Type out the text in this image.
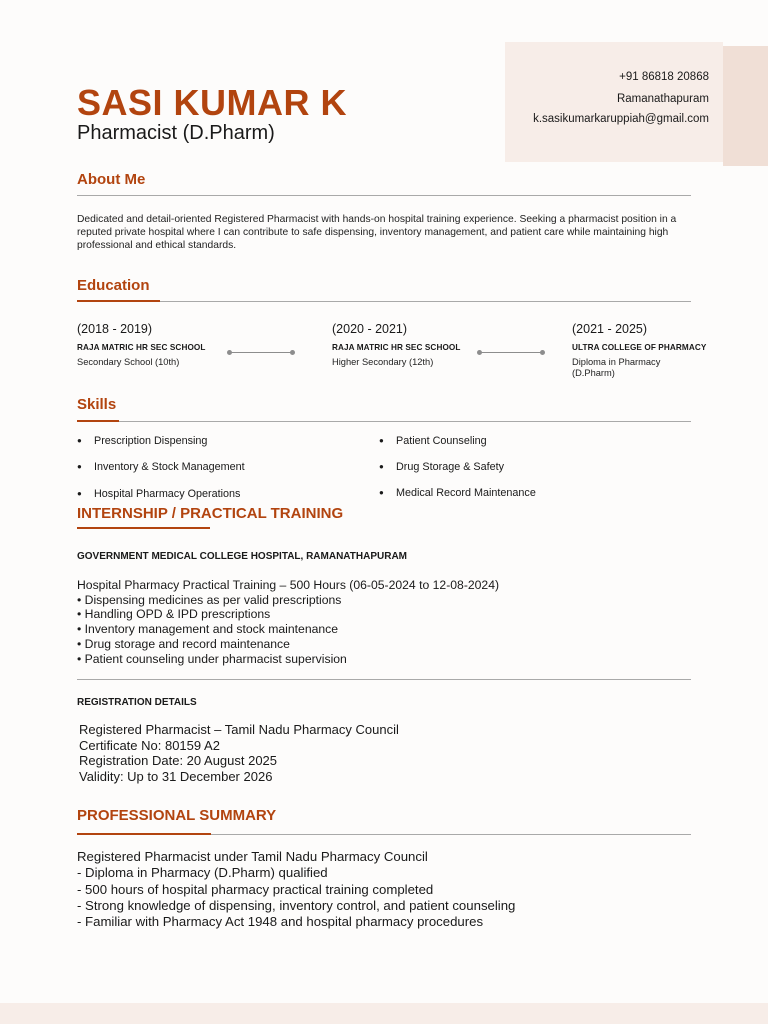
+91 86818 20868
Ramanathapuram
k.sasikumarkaruppiah@gmail.com
SASI KUMAR K
Pharmacist (D.Pharm)
About Me
Dedicated and detail-oriented Registered Pharmacist with hands-on hospital training experience. Seeking a pharmacist position in a reputed private hospital where I can contribute to safe dispensing, inventory management, and patient care while maintaining high professional and ethical standards.
Education
(2018 - 2019)
RAJA MATRIC HR SEC SCHOOL
Secondary School (10th)
(2020 - 2021)
RAJA MATRIC HR SEC SCHOOL
Higher Secondary (12th)
(2021 - 2025)
ULTRA COLLEGE OF PHARMACY
Diploma in Pharmacy (D.Pharm)
Skills
● Prescription Dispensing
● Inventory & Stock Management
● Hospital Pharmacy Operations
● Patient Counseling
● Drug Storage & Safety
● Medical Record Maintenance
INTERNSHIP / PRACTICAL TRAINING
GOVERNMENT MEDICAL COLLEGE HOSPITAL, RAMANATHAPURAM
Hospital Pharmacy Practical Training – 500 Hours (06-05-2024 to 12-08-2024)
• Dispensing medicines as per valid prescriptions
• Handling OPD & IPD prescriptions
• Inventory management and stock maintenance
• Drug storage and record maintenance
• Patient counseling under pharmacist supervision
REGISTRATION DETAILS
Registered Pharmacist – Tamil Nadu Pharmacy Council
Certificate No: 80159 A2
Registration Date: 20 August 2025
Validity: Up to 31 December 2026
PROFESSIONAL SUMMARY
Registered Pharmacist under Tamil Nadu Pharmacy Council
- Diploma in Pharmacy (D.Pharm) qualified
- 500 hours of hospital pharmacy practical training completed
- Strong knowledge of dispensing, inventory control, and patient counseling
- Familiar with Pharmacy Act 1948 and hospital pharmacy procedures
